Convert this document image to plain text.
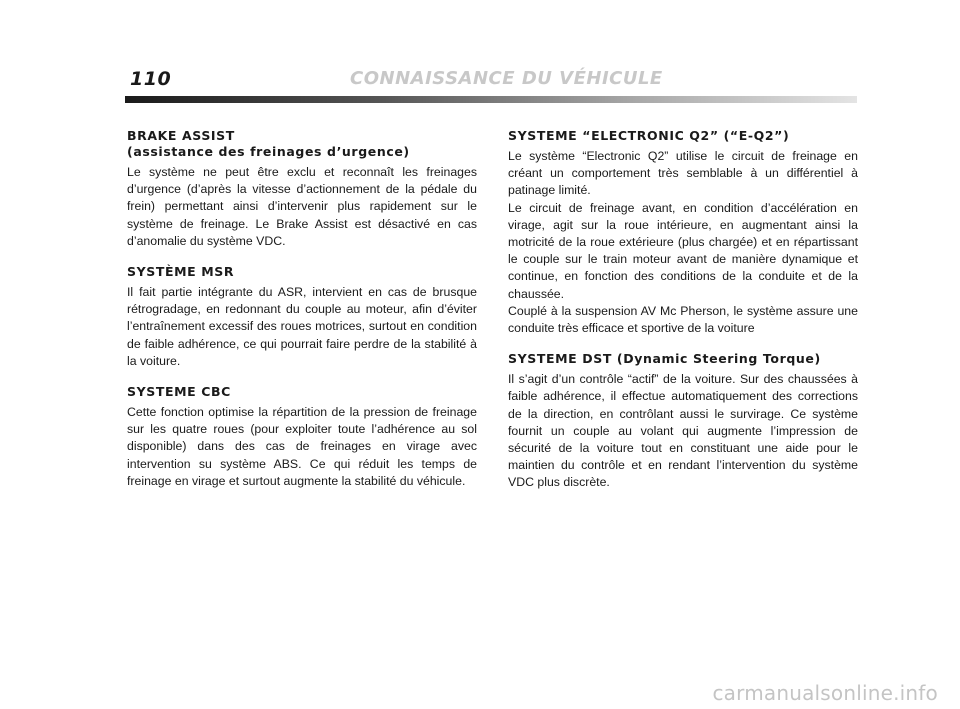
110	CONNAISSANCE DU VÉHICULE
BRAKE ASSIST
(assistance des freinages d’urgence)

Le système ne peut être exclu et reconnaît les freinages d’urgence (d’après la vitesse d’actionnement de la pédale du frein) permettant ainsi d’intervenir plus rapidement sur le système de freinage. Le Brake Assist est désactivé en cas d’anomalie du système VDC.

SYSTÈME MSR

Il fait partie intégrante du ASR, intervient en cas de brusque rétrogradage, en redonnant du couple au moteur, afin d’éviter l’entraînement excessif des roues motrices, surtout en condition de faible adhérence, ce qui pourrait faire perdre de la stabilité à la voiture.

SYSTEME CBC

Cette fonction optimise la répartition de la pression de freinage sur les quatre roues (pour exploiter toute l’adhérence au sol disponible) dans des cas de freinages en virage avec intervention su système ABS. Ce qui réduit les temps de freinage en virage et surtout augmente la stabilité du véhicule.

SYSTEME “ELECTRONIC Q2” (“E-Q2”)

Le système “Electronic Q2” utilise le circuit de freinage en créant un comportement très semblable à un différentiel à patinage limité.

Le circuit de freinage avant, en condition d’accélération en virage, agit sur la roue intérieure, en augmentant ainsi la motricité de la roue extérieure (plus chargée) et en répartissant le couple sur le train moteur avant de manière dynamique et continue, en fonction des conditions de la conduite et de la chaussée.

Couplé à la suspension AV Mc Pherson, le système assure une conduite très efficace et sportive de la voiture

SYSTEME DST (Dynamic Steering Torque)

Il s’agit d’un contrôle “actif” de la voiture. Sur des chaussées à faible adhérence, il effectue automatiquement des corrections de la direction, en contrôlant aussi le survirage. Ce système fournit un couple au volant qui augmente l’impression de sécurité de la voiture tout en constituant une aide pour le maintien du contrôle et en rendant l’intervention du système VDC plus discrète.

carmanualsonline.info
